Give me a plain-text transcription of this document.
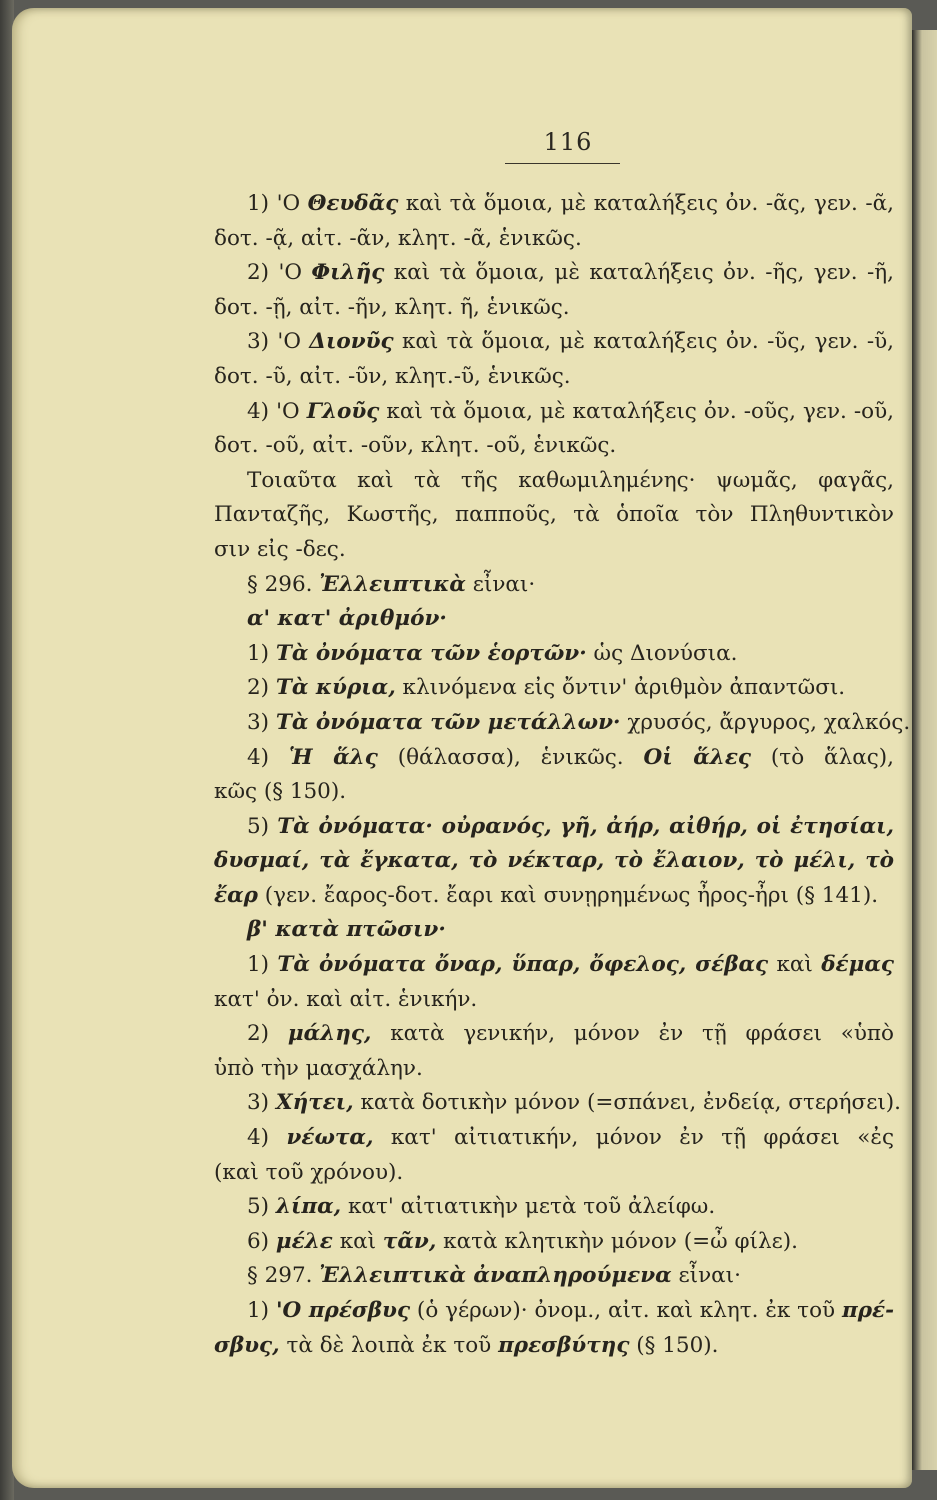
116
1) 'Ο Θευδᾶς καὶ τὰ ὅμοια, μὲ καταλήξεις ὀν. -ᾶς, γεν. -ᾶ,
δοτ. -ᾷ, αἰτ. -ᾶν, κλητ. -ᾶ, ἑνικῶς.
2) 'Ο Φιλῆς καὶ τὰ ὅμοια, μὲ καταλήξεις ὀν. -ῆς, γεν. -ῆ,
δοτ. -ῇ, αἰτ. -ῆν, κλητ. ῆ, ἑνικῶς.
3) 'Ο Διονῦς καὶ τὰ ὅμοια, μὲ καταλήξεις ὀν. -ῦς, γεν. -ῦ,
δοτ. -ῦ, αἰτ. -ῦν, κλητ.-ῦ, ἑνικῶς.
4) 'Ο Γλοῦς καὶ τὰ ὅμοια, μὲ καταλήξεις ὀν. -οῦς, γεν. -οῦ,
δοτ. -οῦ, αἰτ. -οῦν, κλητ. -οῦ, ἑνικῶς.
Τοιαῦτα καὶ τὰ τῆς καθωμιλημένης· ψωμᾶς, φαγᾶς,
Πανταζῆς, Κωστῆς, παπποῦς, τὰ ὁποῖα τὸν Πληθυντικὸν
σιν εἰς -δες.
§ 296. Ἐλλειπτικὰ εἶναι·
α' κατ' ἀριθμόν·
1) Τὰ ὀνόματα τῶν ἑορτῶν· ὡς Διονύσια.
2) Τὰ κύρια, κλινόμενα εἰς ὄντιν' ἀριθμὸν ἀπαντῶσι.
3) Τὰ ὀνόματα τῶν μετάλλων· χρυσός, ἄργυρος, χαλκός.
4) Ἡ ἅλς (θάλασσα), ἑνικῶς. Οἱ ἅλες (τὸ ἅλας),
κῶς (§ 150).
5) Τὰ ὀνόματα· οὐρανός, γῆ, ἀήρ, αἰθήρ, οἱ ἐτησίαι,
δυσμαί, τὰ ἔγκατα, τὸ νέκταρ, τὸ ἔλαιον, τὸ μέλι, τὸ
ἔαρ (γεν. ἔαρος-δοτ. ἔαρι καὶ συνῃρημένως ἦρος-ἦρι (§ 141).
β' κατὰ πτῶσιν·
1) Τὰ ὀνόματα ὄναρ, ὕπαρ, ὄφελος, σέβας καὶ δέμας
κατ' ὀν. καὶ αἰτ. ἑνικήν.
2) μάλης, κατὰ γενικήν, μόνον ἐν τῇ φράσει «ὑπὸ
ὑπὸ τὴν μασχάλην.
3) Χήτει, κατὰ δοτικὴν μόνον (=σπάνει, ἐνδείᾳ, στερήσει).
4) νέωτα, κατ' αἰτιατικήν, μόνον ἐν τῇ φράσει «ἐς
(καὶ τοῦ χρόνου).
5) λίπα, κατ' αἰτιατικὴν μετὰ τοῦ ἀλείφω.
6) μέλε καὶ τᾶν, κατὰ κλητικὴν μόνον (=ὦ φίλε).
§ 297. Ἐλλειπτικὰ ἀναπληρούμενα εἶναι·
1) 'Ο πρέσβυς (ὁ γέρων)· ὀνομ., αἰτ. καὶ κλητ. ἐκ τοῦ πρέ-
σβυς, τὰ δὲ λοιπὰ ἐκ τοῦ πρεσβύτης (§ 150).
